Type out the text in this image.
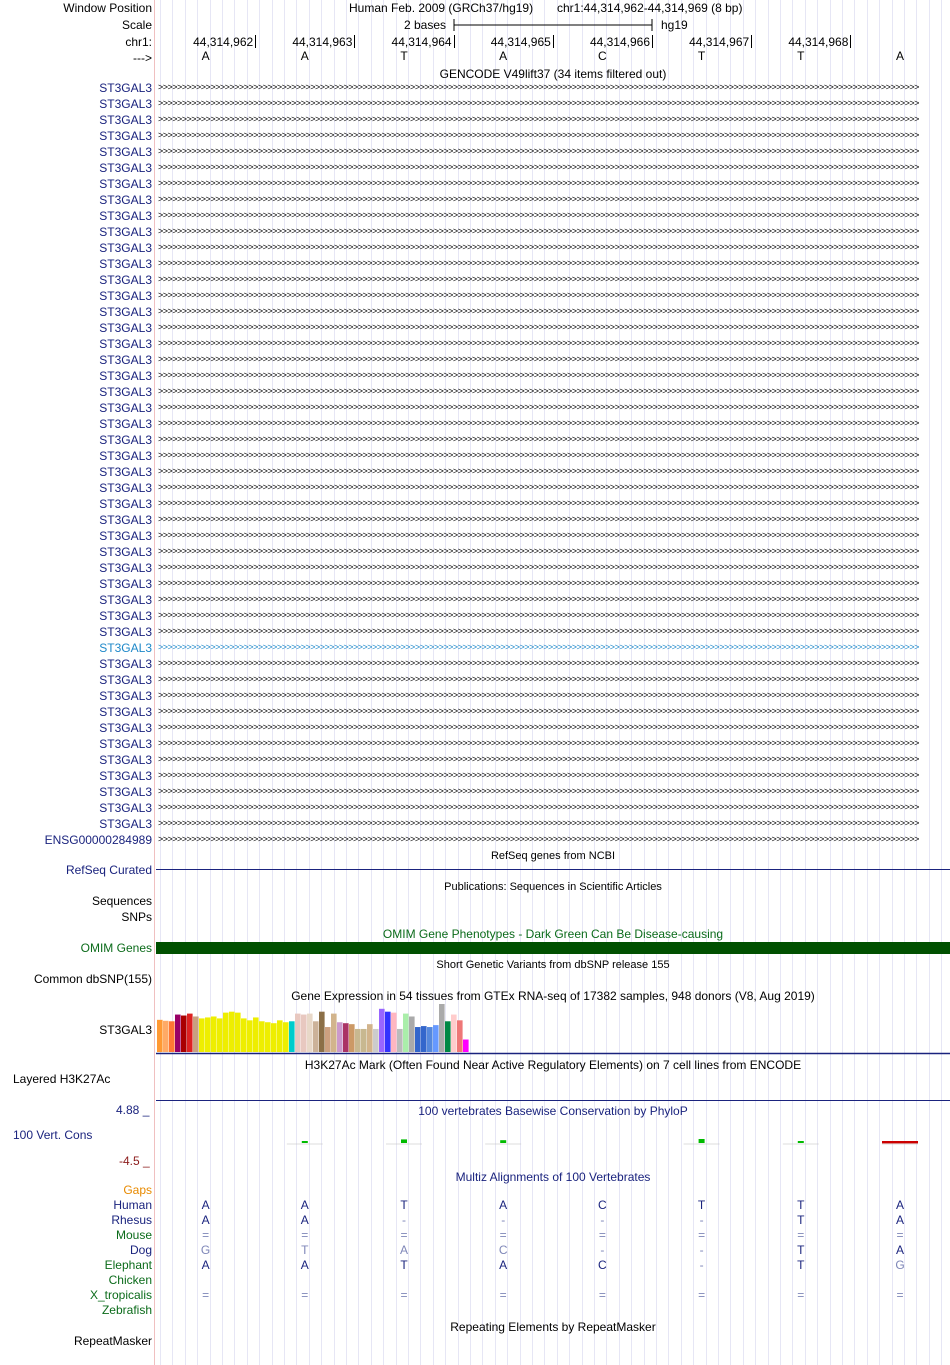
Window Position
Scale
chr1:
--->
Human Feb. 2009 (GRCh37/hg19) chr1:44,314,962-44,314,969 (8 bp)
2 bases	hg19
44,314,962	44,314,963	44,314,964	44,314,965	44,314,966	44,314,967	44,314,968
A	A	T	A	C	T	T	A
GENCODE V49lift37 (34 items filtered out)
ST3GAL3 >>>>>>>>>>>>>>>>>>>>>>>>>>>>>>>>>>>>>>>>>>>>>>>>>>>>>>>>>>>>>>>>>>>>>>>>>>>>>>>>>>>>>>>>>>>>>>>>>>>>>>>>>>>>>>>>>>>>>>>>>>>>>>>>>>>>>>>>>>>>>>>>>>>>>>>>>>>>>>>>
ST3GAL3 >>>>>>>>>>>>>>>>>>>>>>>>>>>>>>>>>>>>>>>>>>>>>>>>>>>>>>>>>>>>>>>>>>>>>>>>>>>>>>>>>>>>>>>>>>>>>>>>>>>>>>>>>>>>>>>>>>>>>>>>>>>>>>>>>>>>>>>>>>>>>>>>>>>>>>>>>>>>>>>>
ST3GAL3 >>>>>>>>>>>>>>>>>>>>>>>>>>>>>>>>>>>>>>>>>>>>>>>>>>>>>>>>>>>>>>>>>>>>>>>>>>>>>>>>>>>>>>>>>>>>>>>>>>>>>>>>>>>>>>>>>>>>>>>>>>>>>>>>>>>>>>>>>>>>>>>>>>>>>>>>>>>>>>>>
ST3GAL3 >>>>>>>>>>>>>>>>>>>>>>>>>>>>>>>>>>>>>>>>>>>>>>>>>>>>>>>>>>>>>>>>>>>>>>>>>>>>>>>>>>>>>>>>>>>>>>>>>>>>>>>>>>>>>>>>>>>>>>>>>>>>>>>>>>>>>>>>>>>>>>>>>>>>>>>>>>>>>>>>
ST3GAL3 >>>>>>>>>>>>>>>>>>>>>>>>>>>>>>>>>>>>>>>>>>>>>>>>>>>>>>>>>>>>>>>>>>>>>>>>>>>>>>>>>>>>>>>>>>>>>>>>>>>>>>>>>>>>>>>>>>>>>>>>>>>>>>>>>>>>>>>>>>>>>>>>>>>>>>>>>>>>>>>>
ST3GAL3 >>>>>>>>>>>>>>>>>>>>>>>>>>>>>>>>>>>>>>>>>>>>>>>>>>>>>>>>>>>>>>>>>>>>>>>>>>>>>>>>>>>>>>>>>>>>>>>>>>>>>>>>>>>>>>>>>>>>>>>>>>>>>>>>>>>>>>>>>>>>>>>>>>>>>>>>>>>>>>>>
ST3GAL3 >>>>>>>>>>>>>>>>>>>>>>>>>>>>>>>>>>>>>>>>>>>>>>>>>>>>>>>>>>>>>>>>>>>>>>>>>>>>>>>>>>>>>>>>>>>>>>>>>>>>>>>>>>>>>>>>>>>>>>>>>>>>>>>>>>>>>>>>>>>>>>>>>>>>>>>>>>>>>>>>
ST3GAL3 >>>>>>>>>>>>>>>>>>>>>>>>>>>>>>>>>>>>>>>>>>>>>>>>>>>>>>>>>>>>>>>>>>>>>>>>>>>>>>>>>>>>>>>>>>>>>>>>>>>>>>>>>>>>>>>>>>>>>>>>>>>>>>>>>>>>>>>>>>>>>>>>>>>>>>>>>>>>>>>>
ST3GAL3 >>>>>>>>>>>>>>>>>>>>>>>>>>>>>>>>>>>>>>>>>>>>>>>>>>>>>>>>>>>>>>>>>>>>>>>>>>>>>>>>>>>>>>>>>>>>>>>>>>>>>>>>>>>>>>>>>>>>>>>>>>>>>>>>>>>>>>>>>>>>>>>>>>>>>>>>>>>>>>>>
ST3GAL3 >>>>>>>>>>>>>>>>>>>>>>>>>>>>>>>>>>>>>>>>>>>>>>>>>>>>>>>>>>>>>>>>>>>>>>>>>>>>>>>>>>>>>>>>>>>>>>>>>>>>>>>>>>>>>>>>>>>>>>>>>>>>>>>>>>>>>>>>>>>>>>>>>>>>>>>>>>>>>>>>
ST3GAL3 >>>>>>>>>>>>>>>>>>>>>>>>>>>>>>>>>>>>>>>>>>>>>>>>>>>>>>>>>>>>>>>>>>>>>>>>>>>>>>>>>>>>>>>>>>>>>>>>>>>>>>>>>>>>>>>>>>>>>>>>>>>>>>>>>>>>>>>>>>>>>>>>>>>>>>>>>>>>>>>>
ST3GAL3 >>>>>>>>>>>>>>>>>>>>>>>>>>>>>>>>>>>>>>>>>>>>>>>>>>>>>>>>>>>>>>>>>>>>>>>>>>>>>>>>>>>>>>>>>>>>>>>>>>>>>>>>>>>>>>>>>>>>>>>>>>>>>>>>>>>>>>>>>>>>>>>>>>>>>>>>>>>>>>>>
ST3GAL3 >>>>>>>>>>>>>>>>>>>>>>>>>>>>>>>>>>>>>>>>>>>>>>>>>>>>>>>>>>>>>>>>>>>>>>>>>>>>>>>>>>>>>>>>>>>>>>>>>>>>>>>>>>>>>>>>>>>>>>>>>>>>>>>>>>>>>>>>>>>>>>>>>>>>>>>>>>>>>>>>
ST3GAL3 >>>>>>>>>>>>>>>>>>>>>>>>>>>>>>>>>>>>>>>>>>>>>>>>>>>>>>>>>>>>>>>>>>>>>>>>>>>>>>>>>>>>>>>>>>>>>>>>>>>>>>>>>>>>>>>>>>>>>>>>>>>>>>>>>>>>>>>>>>>>>>>>>>>>>>>>>>>>>>>>
ST3GAL3 >>>>>>>>>>>>>>>>>>>>>>>>>>>>>>>>>>>>>>>>>>>>>>>>>>>>>>>>>>>>>>>>>>>>>>>>>>>>>>>>>>>>>>>>>>>>>>>>>>>>>>>>>>>>>>>>>>>>>>>>>>>>>>>>>>>>>>>>>>>>>>>>>>>>>>>>>>>>>>>>
ST3GAL3 >>>>>>>>>>>>>>>>>>>>>>>>>>>>>>>>>>>>>>>>>>>>>>>>>>>>>>>>>>>>>>>>>>>>>>>>>>>>>>>>>>>>>>>>>>>>>>>>>>>>>>>>>>>>>>>>>>>>>>>>>>>>>>>>>>>>>>>>>>>>>>>>>>>>>>>>>>>>>>>>
ST3GAL3 >>>>>>>>>>>>>>>>>>>>>>>>>>>>>>>>>>>>>>>>>>>>>>>>>>>>>>>>>>>>>>>>>>>>>>>>>>>>>>>>>>>>>>>>>>>>>>>>>>>>>>>>>>>>>>>>>>>>>>>>>>>>>>>>>>>>>>>>>>>>>>>>>>>>>>>>>>>>>>>>
ST3GAL3 >>>>>>>>>>>>>>>>>>>>>>>>>>>>>>>>>>>>>>>>>>>>>>>>>>>>>>>>>>>>>>>>>>>>>>>>>>>>>>>>>>>>>>>>>>>>>>>>>>>>>>>>>>>>>>>>>>>>>>>>>>>>>>>>>>>>>>>>>>>>>>>>>>>>>>>>>>>>>>>>
ST3GAL3 >>>>>>>>>>>>>>>>>>>>>>>>>>>>>>>>>>>>>>>>>>>>>>>>>>>>>>>>>>>>>>>>>>>>>>>>>>>>>>>>>>>>>>>>>>>>>>>>>>>>>>>>>>>>>>>>>>>>>>>>>>>>>>>>>>>>>>>>>>>>>>>>>>>>>>>>>>>>>>>>
ST3GAL3 >>>>>>>>>>>>>>>>>>>>>>>>>>>>>>>>>>>>>>>>>>>>>>>>>>>>>>>>>>>>>>>>>>>>>>>>>>>>>>>>>>>>>>>>>>>>>>>>>>>>>>>>>>>>>>>>>>>>>>>>>>>>>>>>>>>>>>>>>>>>>>>>>>>>>>>>>>>>>>>>
ST3GAL3 >>>>>>>>>>>>>>>>>>>>>>>>>>>>>>>>>>>>>>>>>>>>>>>>>>>>>>>>>>>>>>>>>>>>>>>>>>>>>>>>>>>>>>>>>>>>>>>>>>>>>>>>>>>>>>>>>>>>>>>>>>>>>>>>>>>>>>>>>>>>>>>>>>>>>>>>>>>>>>>>
ST3GAL3 >>>>>>>>>>>>>>>>>>>>>>>>>>>>>>>>>>>>>>>>>>>>>>>>>>>>>>>>>>>>>>>>>>>>>>>>>>>>>>>>>>>>>>>>>>>>>>>>>>>>>>>>>>>>>>>>>>>>>>>>>>>>>>>>>>>>>>>>>>>>>>>>>>>>>>>>>>>>>>>>
ST3GAL3 >>>>>>>>>>>>>>>>>>>>>>>>>>>>>>>>>>>>>>>>>>>>>>>>>>>>>>>>>>>>>>>>>>>>>>>>>>>>>>>>>>>>>>>>>>>>>>>>>>>>>>>>>>>>>>>>>>>>>>>>>>>>>>>>>>>>>>>>>>>>>>>>>>>>>>>>>>>>>>>>
ST3GAL3 >>>>>>>>>>>>>>>>>>>>>>>>>>>>>>>>>>>>>>>>>>>>>>>>>>>>>>>>>>>>>>>>>>>>>>>>>>>>>>>>>>>>>>>>>>>>>>>>>>>>>>>>>>>>>>>>>>>>>>>>>>>>>>>>>>>>>>>>>>>>>>>>>>>>>>>>>>>>>>>>
ST3GAL3 >>>>>>>>>>>>>>>>>>>>>>>>>>>>>>>>>>>>>>>>>>>>>>>>>>>>>>>>>>>>>>>>>>>>>>>>>>>>>>>>>>>>>>>>>>>>>>>>>>>>>>>>>>>>>>>>>>>>>>>>>>>>>>>>>>>>>>>>>>>>>>>>>>>>>>>>>>>>>>>>
ST3GAL3 >>>>>>>>>>>>>>>>>>>>>>>>>>>>>>>>>>>>>>>>>>>>>>>>>>>>>>>>>>>>>>>>>>>>>>>>>>>>>>>>>>>>>>>>>>>>>>>>>>>>>>>>>>>>>>>>>>>>>>>>>>>>>>>>>>>>>>>>>>>>>>>>>>>>>>>>>>>>>>>>
ST3GAL3 >>>>>>>>>>>>>>>>>>>>>>>>>>>>>>>>>>>>>>>>>>>>>>>>>>>>>>>>>>>>>>>>>>>>>>>>>>>>>>>>>>>>>>>>>>>>>>>>>>>>>>>>>>>>>>>>>>>>>>>>>>>>>>>>>>>>>>>>>>>>>>>>>>>>>>>>>>>>>>>>
ST3GAL3 >>>>>>>>>>>>>>>>>>>>>>>>>>>>>>>>>>>>>>>>>>>>>>>>>>>>>>>>>>>>>>>>>>>>>>>>>>>>>>>>>>>>>>>>>>>>>>>>>>>>>>>>>>>>>>>>>>>>>>>>>>>>>>>>>>>>>>>>>>>>>>>>>>>>>>>>>>>>>>>>
ST3GAL3 >>>>>>>>>>>>>>>>>>>>>>>>>>>>>>>>>>>>>>>>>>>>>>>>>>>>>>>>>>>>>>>>>>>>>>>>>>>>>>>>>>>>>>>>>>>>>>>>>>>>>>>>>>>>>>>>>>>>>>>>>>>>>>>>>>>>>>>>>>>>>>>>>>>>>>>>>>>>>>>>
ST3GAL3 >>>>>>>>>>>>>>>>>>>>>>>>>>>>>>>>>>>>>>>>>>>>>>>>>>>>>>>>>>>>>>>>>>>>>>>>>>>>>>>>>>>>>>>>>>>>>>>>>>>>>>>>>>>>>>>>>>>>>>>>>>>>>>>>>>>>>>>>>>>>>>>>>>>>>>>>>>>>>>>>
ST3GAL3 >>>>>>>>>>>>>>>>>>>>>>>>>>>>>>>>>>>>>>>>>>>>>>>>>>>>>>>>>>>>>>>>>>>>>>>>>>>>>>>>>>>>>>>>>>>>>>>>>>>>>>>>>>>>>>>>>>>>>>>>>>>>>>>>>>>>>>>>>>>>>>>>>>>>>>>>>>>>>>>>
ST3GAL3 >>>>>>>>>>>>>>>>>>>>>>>>>>>>>>>>>>>>>>>>>>>>>>>>>>>>>>>>>>>>>>>>>>>>>>>>>>>>>>>>>>>>>>>>>>>>>>>>>>>>>>>>>>>>>>>>>>>>>>>>>>>>>>>>>>>>>>>>>>>>>>>>>>>>>>>>>>>>>>>>
ST3GAL3 >>>>>>>>>>>>>>>>>>>>>>>>>>>>>>>>>>>>>>>>>>>>>>>>>>>>>>>>>>>>>>>>>>>>>>>>>>>>>>>>>>>>>>>>>>>>>>>>>>>>>>>>>>>>>>>>>>>>>>>>>>>>>>>>>>>>>>>>>>>>>>>>>>>>>>>>>>>>>>>>
ST3GAL3 >>>>>>>>>>>>>>>>>>>>>>>>>>>>>>>>>>>>>>>>>>>>>>>>>>>>>>>>>>>>>>>>>>>>>>>>>>>>>>>>>>>>>>>>>>>>>>>>>>>>>>>>>>>>>>>>>>>>>>>>>>>>>>>>>>>>>>>>>>>>>>>>>>>>>>>>>>>>>>>>
ST3GAL3 >>>>>>>>>>>>>>>>>>>>>>>>>>>>>>>>>>>>>>>>>>>>>>>>>>>>>>>>>>>>>>>>>>>>>>>>>>>>>>>>>>>>>>>>>>>>>>>>>>>>>>>>>>>>>>>>>>>>>>>>>>>>>>>>>>>>>>>>>>>>>>>>>>>>>>>>>>>>>>>>
ST3GAL3 >>>>>>>>>>>>>>>>>>>>>>>>>>>>>>>>>>>>>>>>>>>>>>>>>>>>>>>>>>>>>>>>>>>>>>>>>>>>>>>>>>>>>>>>>>>>>>>>>>>>>>>>>>>>>>>>>>>>>>>>>>>>>>>>>>>>>>>>>>>>>>>>>>>>>>>>>>>>>>>>
ST3GAL3 >>>>>>>>>>>>>>>>>>>>>>>>>>>>>>>>>>>>>>>>>>>>>>>>>>>>>>>>>>>>>>>>>>>>>>>>>>>>>>>>>>>>>>>>>>>>>>>>>>>>>>>>>>>>>>>>>>>>>>>>>>>>>>>>>>>>>>>>>>>>>>>>>>>>>>>>>>>>>>>>
ST3GAL3 >>>>>>>>>>>>>>>>>>>>>>>>>>>>>>>>>>>>>>>>>>>>>>>>>>>>>>>>>>>>>>>>>>>>>>>>>>>>>>>>>>>>>>>>>>>>>>>>>>>>>>>>>>>>>>>>>>>>>>>>>>>>>>>>>>>>>>>>>>>>>>>>>>>>>>>>>>>>>>>>
ST3GAL3 >>>>>>>>>>>>>>>>>>>>>>>>>>>>>>>>>>>>>>>>>>>>>>>>>>>>>>>>>>>>>>>>>>>>>>>>>>>>>>>>>>>>>>>>>>>>>>>>>>>>>>>>>>>>>>>>>>>>>>>>>>>>>>>>>>>>>>>>>>>>>>>>>>>>>>>>>>>>>>>>
ST3GAL3 >>>>>>>>>>>>>>>>>>>>>>>>>>>>>>>>>>>>>>>>>>>>>>>>>>>>>>>>>>>>>>>>>>>>>>>>>>>>>>>>>>>>>>>>>>>>>>>>>>>>>>>>>>>>>>>>>>>>>>>>>>>>>>>>>>>>>>>>>>>>>>>>>>>>>>>>>>>>>>>>
ST3GAL3 >>>>>>>>>>>>>>>>>>>>>>>>>>>>>>>>>>>>>>>>>>>>>>>>>>>>>>>>>>>>>>>>>>>>>>>>>>>>>>>>>>>>>>>>>>>>>>>>>>>>>>>>>>>>>>>>>>>>>>>>>>>>>>>>>>>>>>>>>>>>>>>>>>>>>>>>>>>>>>>>
ST3GAL3 >>>>>>>>>>>>>>>>>>>>>>>>>>>>>>>>>>>>>>>>>>>>>>>>>>>>>>>>>>>>>>>>>>>>>>>>>>>>>>>>>>>>>>>>>>>>>>>>>>>>>>>>>>>>>>>>>>>>>>>>>>>>>>>>>>>>>>>>>>>>>>>>>>>>>>>>>>>>>>>>
ST3GAL3 >>>>>>>>>>>>>>>>>>>>>>>>>>>>>>>>>>>>>>>>>>>>>>>>>>>>>>>>>>>>>>>>>>>>>>>>>>>>>>>>>>>>>>>>>>>>>>>>>>>>>>>>>>>>>>>>>>>>>>>>>>>>>>>>>>>>>>>>>>>>>>>>>>>>>>>>>>>>>>>>
ST3GAL3 >>>>>>>>>>>>>>>>>>>>>>>>>>>>>>>>>>>>>>>>>>>>>>>>>>>>>>>>>>>>>>>>>>>>>>>>>>>>>>>>>>>>>>>>>>>>>>>>>>>>>>>>>>>>>>>>>>>>>>>>>>>>>>>>>>>>>>>>>>>>>>>>>>>>>>>>>>>>>>>>
ST3GAL3 >>>>>>>>>>>>>>>>>>>>>>>>>>>>>>>>>>>>>>>>>>>>>>>>>>>>>>>>>>>>>>>>>>>>>>>>>>>>>>>>>>>>>>>>>>>>>>>>>>>>>>>>>>>>>>>>>>>>>>>>>>>>>>>>>>>>>>>>>>>>>>>>>>>>>>>>>>>>>>>>
ST3GAL3 >>>>>>>>>>>>>>>>>>>>>>>>>>>>>>>>>>>>>>>>>>>>>>>>>>>>>>>>>>>>>>>>>>>>>>>>>>>>>>>>>>>>>>>>>>>>>>>>>>>>>>>>>>>>>>>>>>>>>>>>>>>>>>>>>>>>>>>>>>>>>>>>>>>>>>>>>>>>>>>>
ST3GAL3 >>>>>>>>>>>>>>>>>>>>>>>>>>>>>>>>>>>>>>>>>>>>>>>>>>>>>>>>>>>>>>>>>>>>>>>>>>>>>>>>>>>>>>>>>>>>>>>>>>>>>>>>>>>>>>>>>>>>>>>>>>>>>>>>>>>>>>>>>>>>>>>>>>>>>>>>>>>>>>>>
ENSG00000284989 >>>>>>>>>>>>>>>>>>>>>>>>>>>>>>>>>>>>>>>>>>>>>>>>>>>>>>>>>>>>>>>>>>>>>>>>>>>>>>>>>>>>>>>>>>>>>>>>>>>>>>>>>>>>>>>>>>>>>>>>>>>>>>>>>>>>>>>>>>>>>>>>>>>>>>>>>>>>>>>>
RefSeq genes from NCBI
RefSeq Curated
Publications: Sequences in Scientific Articles
Sequences
SNPs
OMIM Gene Phenotypes - Dark Green Can Be Disease-causing
OMIM Genes
Short Genetic Variants from dbSNP release 155
Common dbSNP(155)
Gene Expression in 54 tissues from GTEx RNA-seq of 17382 samples, 948 donors (V8, Aug 2019)
ST3GAL3
H3K27Ac Mark (Often Found Near Active Regulatory Elements) on 7 cell lines from ENCODE
Layered H3K27Ac
100 vertebrates Basewise Conservation by PhyloP
4.88 _
100 Vert. Cons
-4.5 _
Multiz Alignments of 100 Vertebrates
Gaps
Human	A	A	T	A	C	T	T	A
Rhesus	A	A	-	-	-	-	T	A
Mouse	=	=	=	=	=	=	=	=
Dog	G	T	A	C	-	-	T	A
Elephant	A	A	T	A	C	-	T	G
Chicken
X_tropicalis	=	=	=	=	=	=	=	=
Zebrafish
Repeating Elements by RepeatMasker
RepeatMasker
